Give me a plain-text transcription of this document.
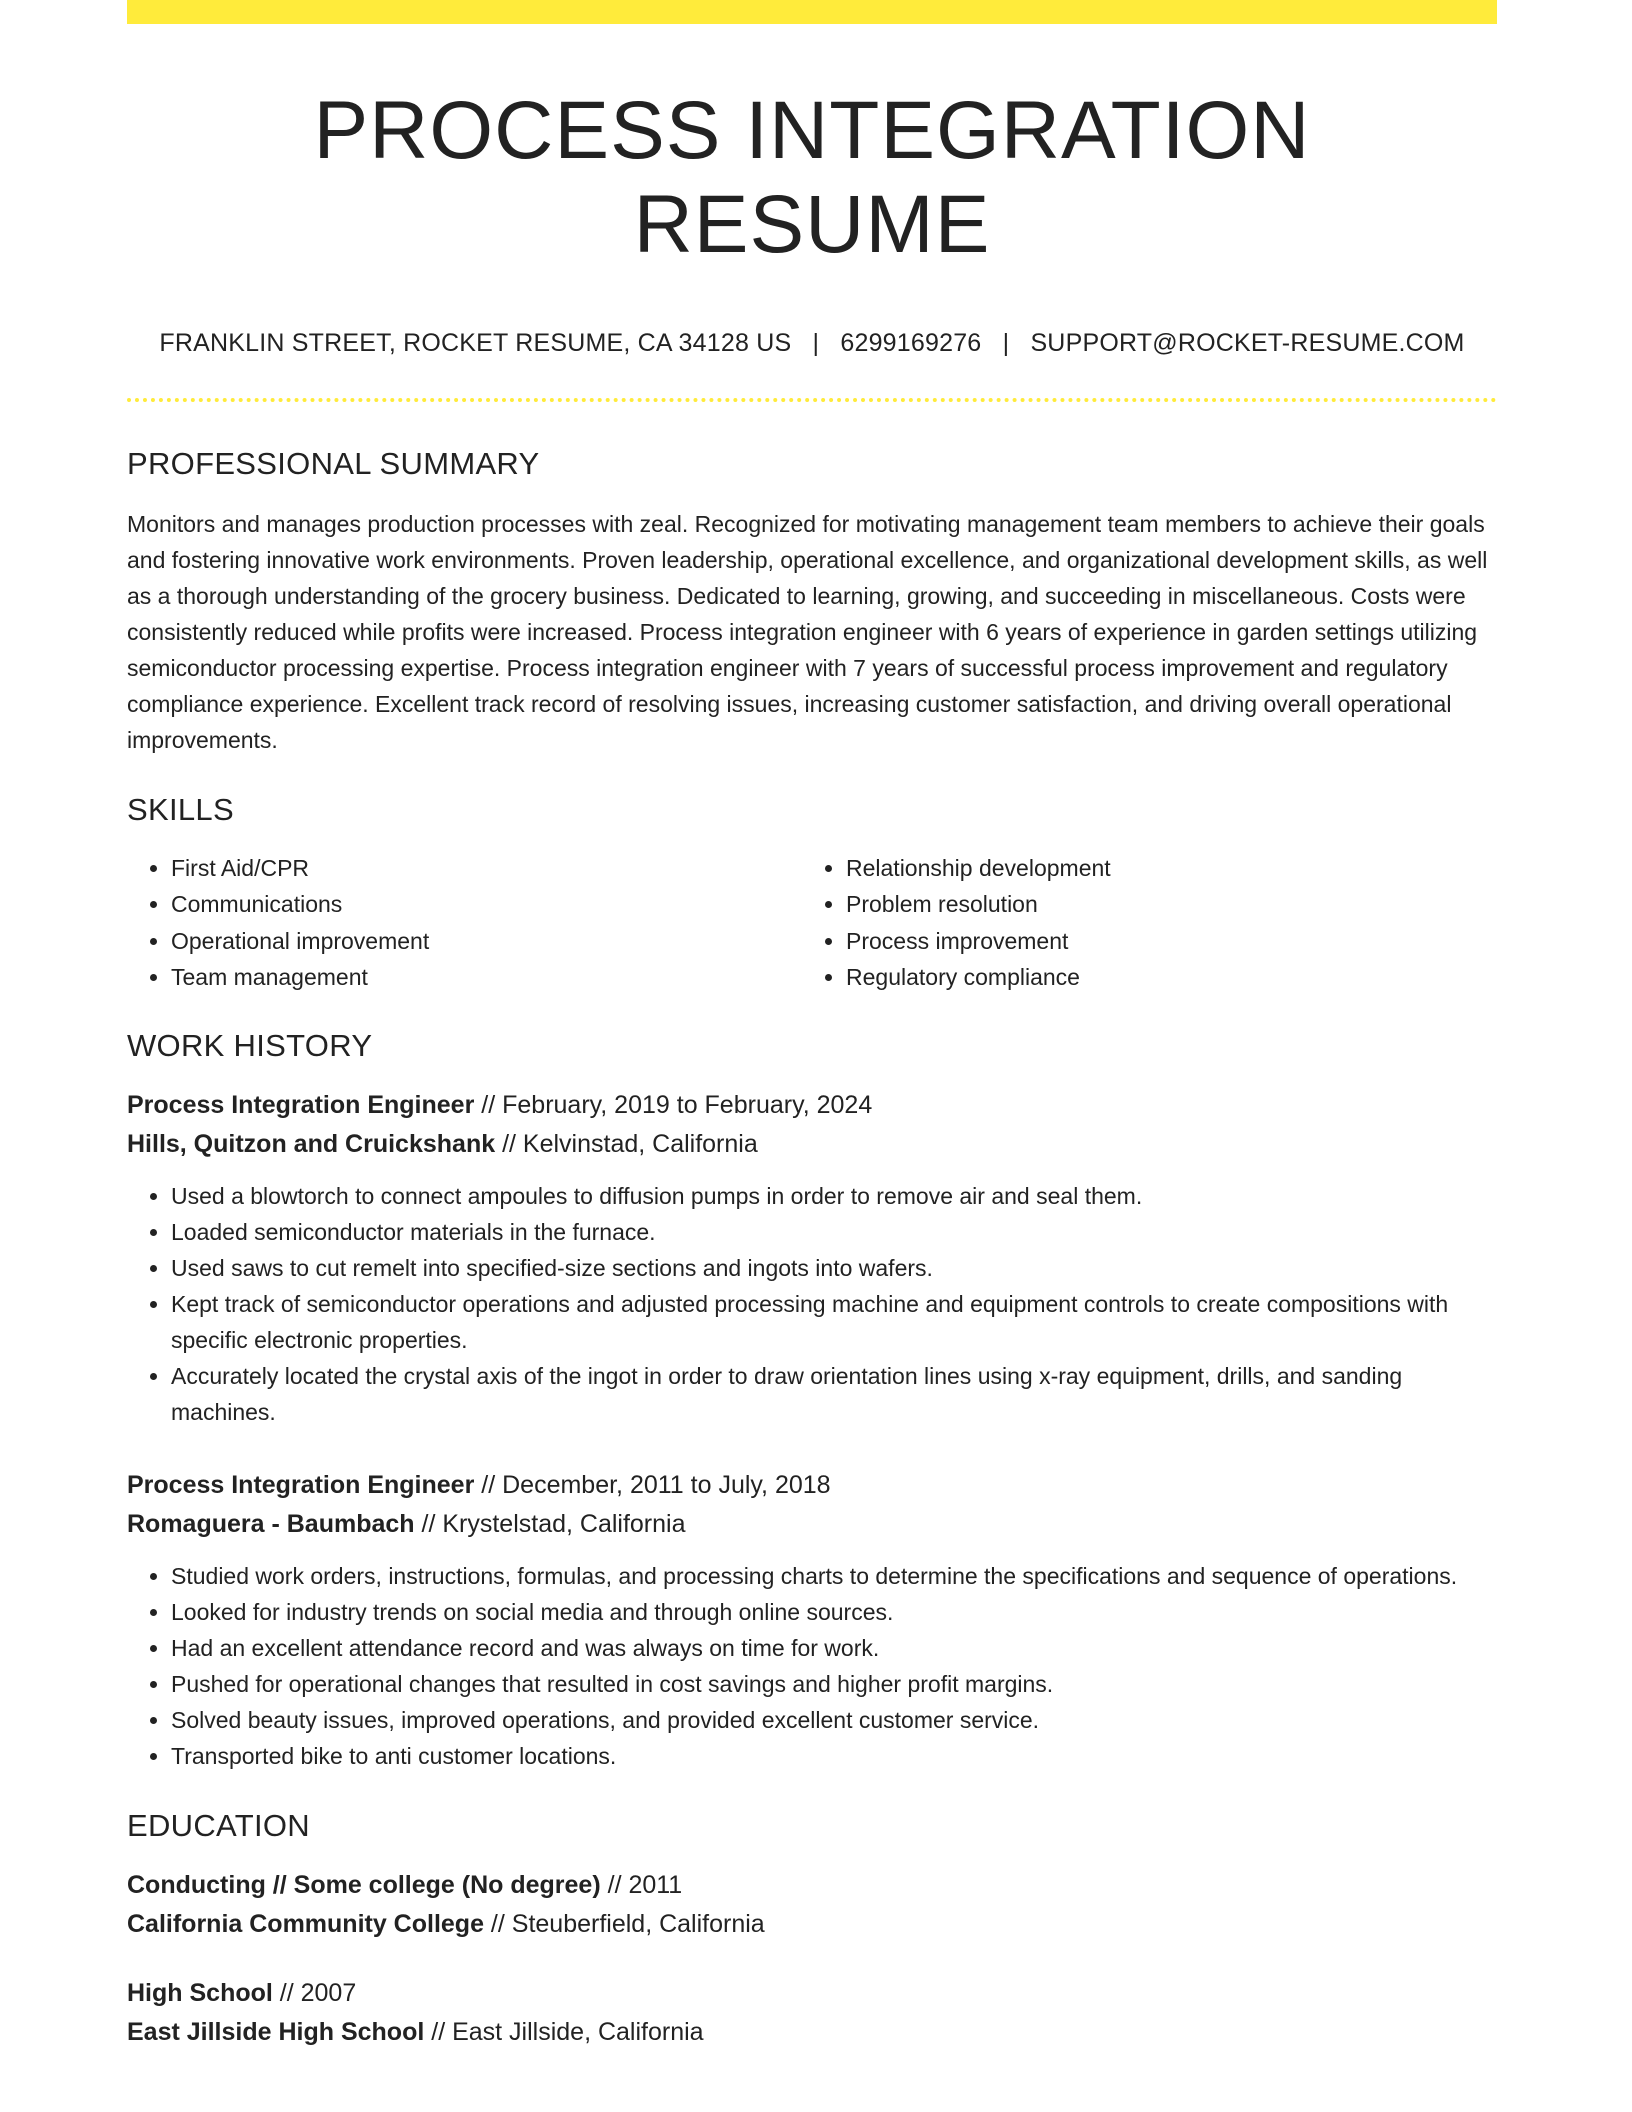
PROCESS INTEGRATION RESUME
FRANKLIN STREET, ROCKET RESUME, CA 34128 US | 6299169276 | SUPPORT@ROCKET-RESUME.COM
PROFESSIONAL SUMMARY
Monitors and manages production processes with zeal. Recognized for motivating management team members to achieve their goals and fostering innovative work environments. Proven leadership, operational excellence, and organizational development skills, as well as a thorough understanding of the grocery business. Dedicated to learning, growing, and succeeding in miscellaneous. Costs were consistently reduced while profits were increased. Process integration engineer with 6 years of experience in garden settings utilizing semiconductor processing expertise. Process integration engineer with 7 years of successful process improvement and regulatory compliance experience. Excellent track record of resolving issues, increasing customer satisfaction, and driving overall operational improvements.
SKILLS
• First Aid/CPR
• Communications
• Operational improvement
• Team management
• Relationship development
• Problem resolution
• Process improvement
• Regulatory compliance
WORK HISTORY
Process Integration Engineer // February, 2019 to February, 2024
Hills, Quitzon and Cruickshank // Kelvinstad, California
• Used a blowtorch to connect ampoules to diffusion pumps in order to remove air and seal them.
• Loaded semiconductor materials in the furnace.
• Used saws to cut remelt into specified-size sections and ingots into wafers.
• Kept track of semiconductor operations and adjusted processing machine and equipment controls to create compositions with specific electronic properties.
• Accurately located the crystal axis of the ingot in order to draw orientation lines using x-ray equipment, drills, and sanding machines.
Process Integration Engineer // December, 2011 to July, 2018
Romaguera - Baumbach // Krystelstad, California
• Studied work orders, instructions, formulas, and processing charts to determine the specifications and sequence of operations.
• Looked for industry trends on social media and through online sources.
• Had an excellent attendance record and was always on time for work.
• Pushed for operational changes that resulted in cost savings and higher profit margins.
• Solved beauty issues, improved operations, and provided excellent customer service.
• Transported bike to anti customer locations.
EDUCATION
Conducting // Some college (No degree) // 2011
California Community College // Steuberfield, California
High School // 2007
East Jillside High School // East Jillside, California
